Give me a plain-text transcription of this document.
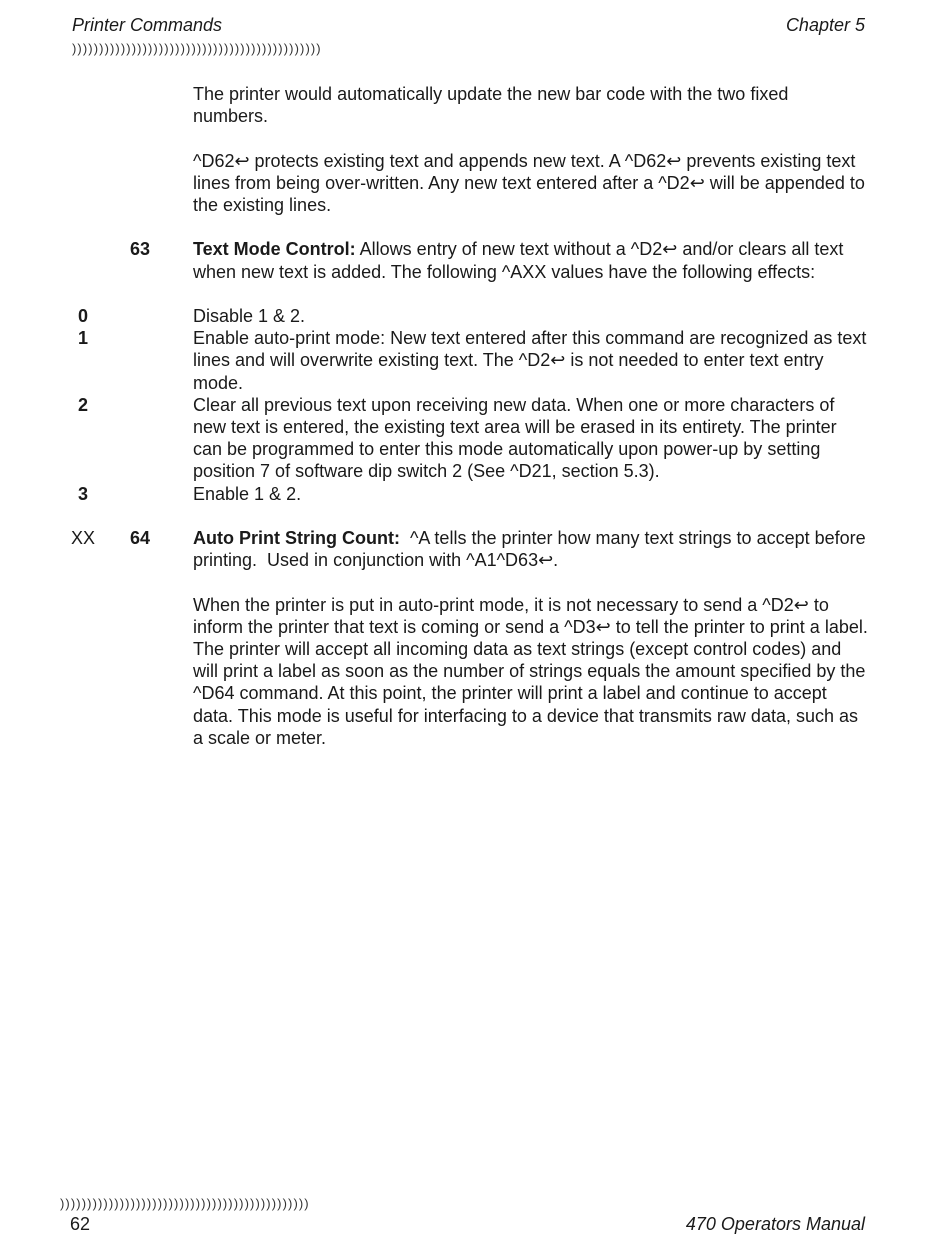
Printer Commands	Chapter 5
))))))))))))))))))))))))))))))))))))))))))))))
The printer would automatically update the new bar code with the two fixed numbers.
^D62↩ protects existing text and appends new text. A ^D62↩ prevents existing text lines from being over-written. Any new text entered after a ^D2↩ will be appended to the existing lines.
63 Text Mode Control: Allows entry of new text without a ^D2↩ and/or clears all text when new text is added. The following ^AXX values have the following effects:
0	Disable 1 & 2.
1	Enable auto-print mode: New text entered after this command are recognized as text lines and will overwrite existing text. The ^D2↩ is not needed to enter text entry mode.
2	Clear all previous text upon receiving new data. When one or more characters of new text is entered, the existing text area will be erased in its entirety. The printer can be programmed to enter this mode automatically upon power-up by setting position 7 of software dip switch 2 (See ^D21, section 5.3).
3	Enable 1 & 2.
XX 64 Auto Print String Count:  ^A tells the printer how many text strings to accept before printing.  Used in conjunction with ^A1^D63↩.
When the printer is put in auto-print mode, it is not necessary to send a ^D2↩ to inform the printer that text is coming or send a ^D3↩ to tell the printer to print a label. The printer will accept all incoming data as text strings (except control codes) and will print a label as soon as the number of strings equals the amount specified by the ^D64 command. At this point, the printer will print a label and continue to accept data. This mode is useful for interfacing to a device that transmits raw data, such as a scale or meter.
))))))))))))))))))))))))))))))))))))))))))))))
62	470 Operators Manual
